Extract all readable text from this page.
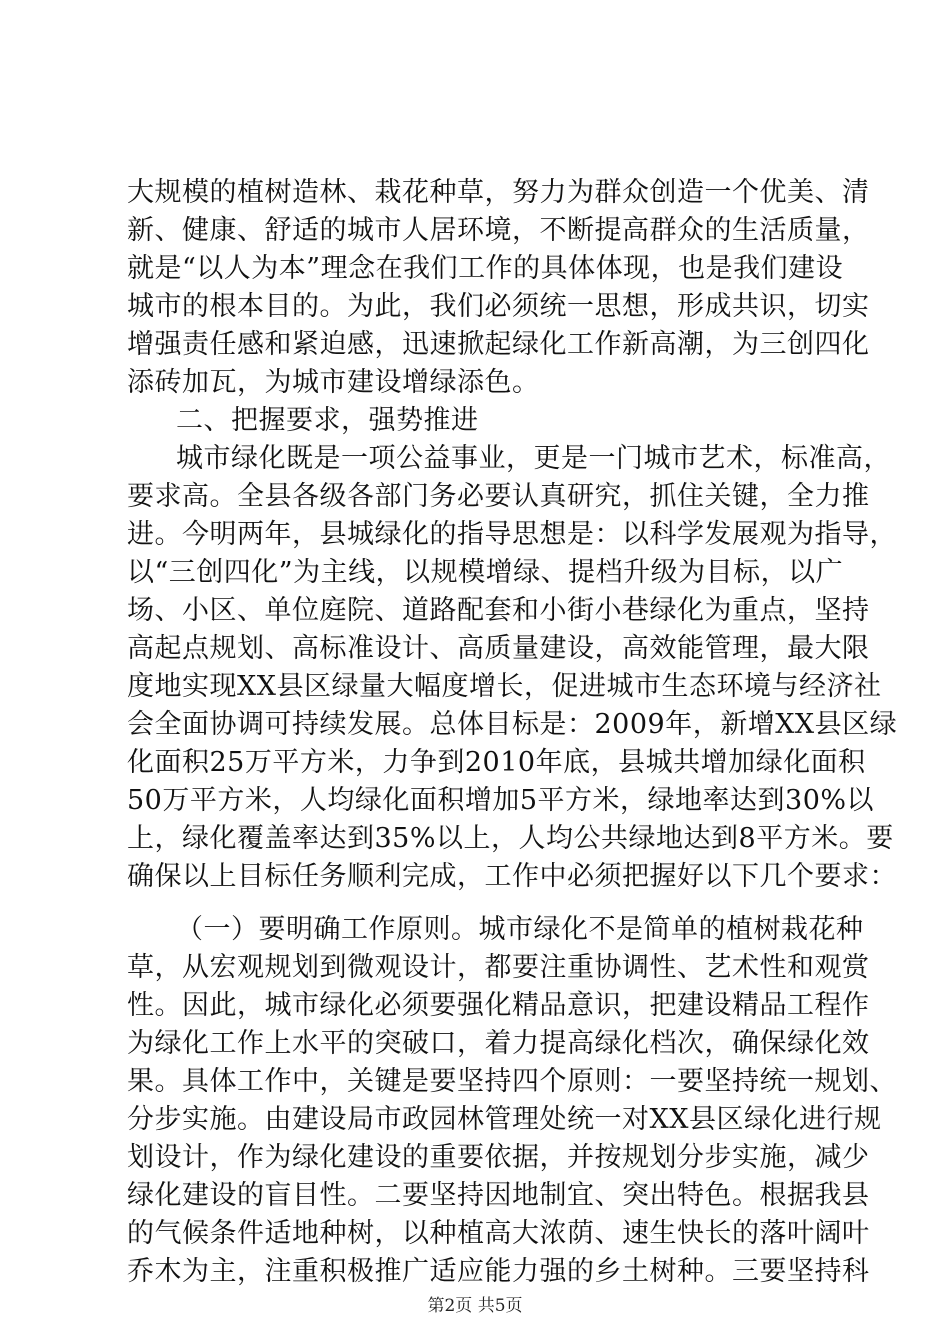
大规模的植树造林、栽花种草，努力为群众创造一个优美、清
新、健康、舒适的城市人居环境，不断提高群众的生活质量，
就是“以人为本”理念在我们工作的具体体现，也是我们建设
城市的根本目的。为此，我们必须统一思想，形成共识，切实
增强责任感和紧迫感，迅速掀起绿化工作新高潮，为三创四化
添砖加瓦，为城市建设增绿添色。
二、把握要求，强势推进
城市绿化既是一项公益事业，更是一门城市艺术，标准高，
要求高。全县各级各部门务必要认真研究，抓住关键，全力推
进。今明两年，县城绿化的指导思想是：以科学发展观为指导，
以“三创四化”为主线，以规模增绿、提档升级为目标，以广
场、小区、单位庭院、道路配套和小街小巷绿化为重点，坚持
高起点规划、高标准设计、高质量建设，高效能管理，最大限
度地实现XX县区绿量大幅度增长，促进城市生态环境与经济社
会全面协调可持续发展。总体目标是：2009年，新增XX县区绿
化面积25万平方米，力争到2010年底，县城共增加绿化面积
50万平方米，人均绿化面积增加5平方米，绿地率达到30%以
上，绿化覆盖率达到35%以上，人均公共绿地达到8平方米。要
确保以上目标任务顺利完成，工作中必须把握好以下几个要求：
（一）要明确工作原则。城市绿化不是简单的植树栽花种
草，从宏观规划到微观设计，都要注重协调性、艺术性和观赏
性。因此，城市绿化必须要强化精品意识，把建设精品工程作
为绿化工作上水平的突破口，着力提高绿化档次，确保绿化效
果。具体工作中，关键是要坚持四个原则：一要坚持统一规划、
分步实施。由建设局市政园林管理处统一对XX县区绿化进行规
划设计，作为绿化建设的重要依据，并按规划分步实施，减少
绿化建设的盲目性。二要坚持因地制宜、突出特色。根据我县
的气候条件适地种树，以种植高大浓荫、速生快长的落叶阔叶
乔木为主，注重积极推广适应能力强的乡土树种。三要坚持科
第2页 共5页
